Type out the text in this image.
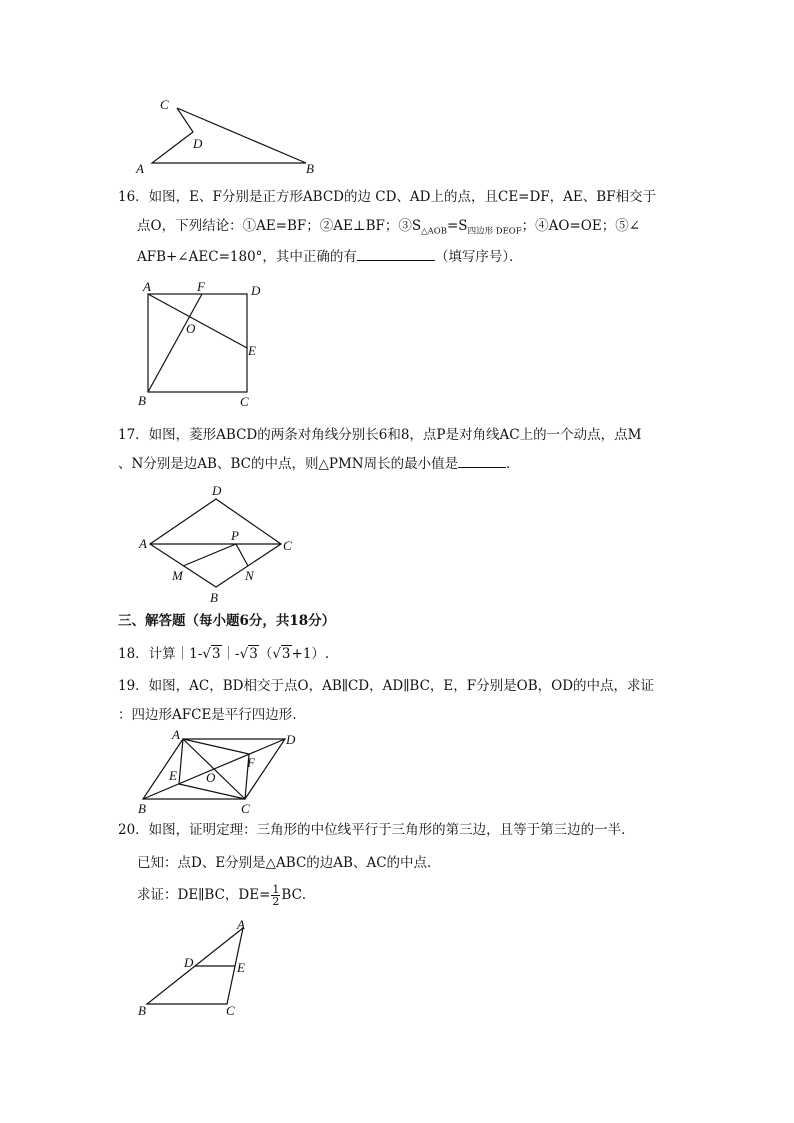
C
D
A	B
16．如图，E、F分别是正方形ABCD的边 CD、AD上的点，且CE=DF，AE、BF相交于
点O，下列结论：①AE=BF；②AE⊥BF；$③S_{\triangle AOB}=S_{四边形 DEOF}$；④AO=OE；⑤∠
AFB+∠AEC=180°，其中正确的有	（填写序号）．
A	F	D
O
E
B	C
17．如图，菱形ABCD的两条对角线分别长6和8，点P是对角线AC上的一个动点，点M
、N分别是边AB、BC的中点，则△PMN周长的最小值是	．
D
A
P
C
M	N
B
三、解答题（每小题6分，共18分）
18．计算｜1-√3｜-√3（√3+1）.
19．如图，AC，BD相交于点O，AB∥CD，AD∥BC，E，F分别是OB，OD的中点，求证
：四边形AFCE是平行四边形.
A	D
E O
F
B	C
20．如图，证明定理：三角形的中位线平行于三角形的第三边，且等于第三边的一半．
已知：点D、E分别是△ABC的边AB、AC的中点．
求证：DE∥BC，$DE= \frac{1}{2}$ BC．
A
D	E
B	C
